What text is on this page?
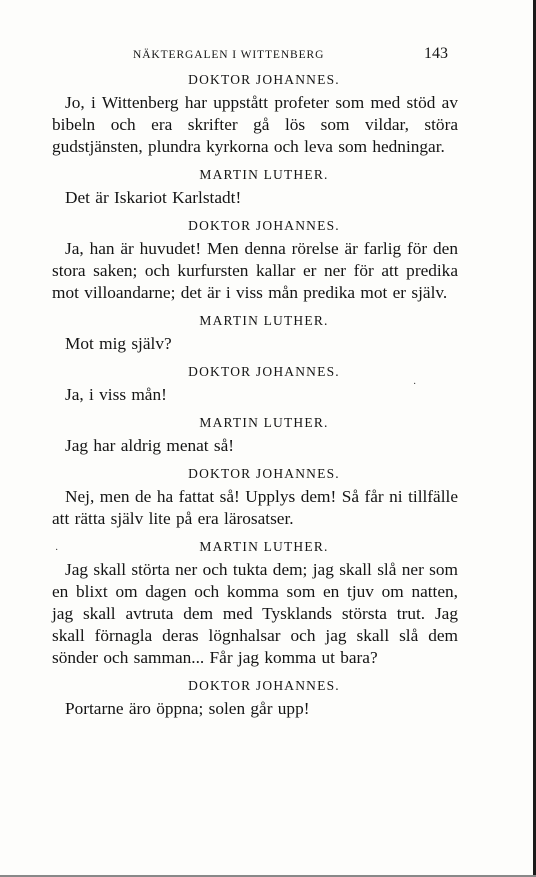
NÄKTERGALEN I WITTENBERG	143
·
·
DOKTOR JOHANNES.

Jo, i Wittenberg har uppstått profeter som med stöd av bibeln och era skrifter gå lös som vildar, störa gudstjänsten, plundra kyrkorna och leva som hedningar.

MARTIN LUTHER.

Det är Iskariot Karlstadt!

DOKTOR JOHANNES.

Ja, han är huvudet! Men denna rörelse är farlig för den stora saken; och kurfursten kallar er ner för att predika mot villoandarne; det är i viss mån predika mot er själv.

MARTIN LUTHER.

Mot mig själv?

DOKTOR JOHANNES.

Ja, i viss mån!

MARTIN LUTHER.

Jag har aldrig menat så!

DOKTOR JOHANNES.

Nej, men de ha fattat så! Upplys dem! Så får ni tillfälle att rätta själv lite på era lärosatser.

MARTIN LUTHER.

Jag skall störta ner och tukta dem; jag skall slå ner som en blixt om dagen och komma som en tjuv om natten, jag skall avtruta dem med Tysklands största trut. Jag skall förnagla deras lögnhalsar och jag skall slå dem sönder och samman... Får jag komma ut bara?

DOKTOR JOHANNES.

Portarne äro öppna; solen går upp!
